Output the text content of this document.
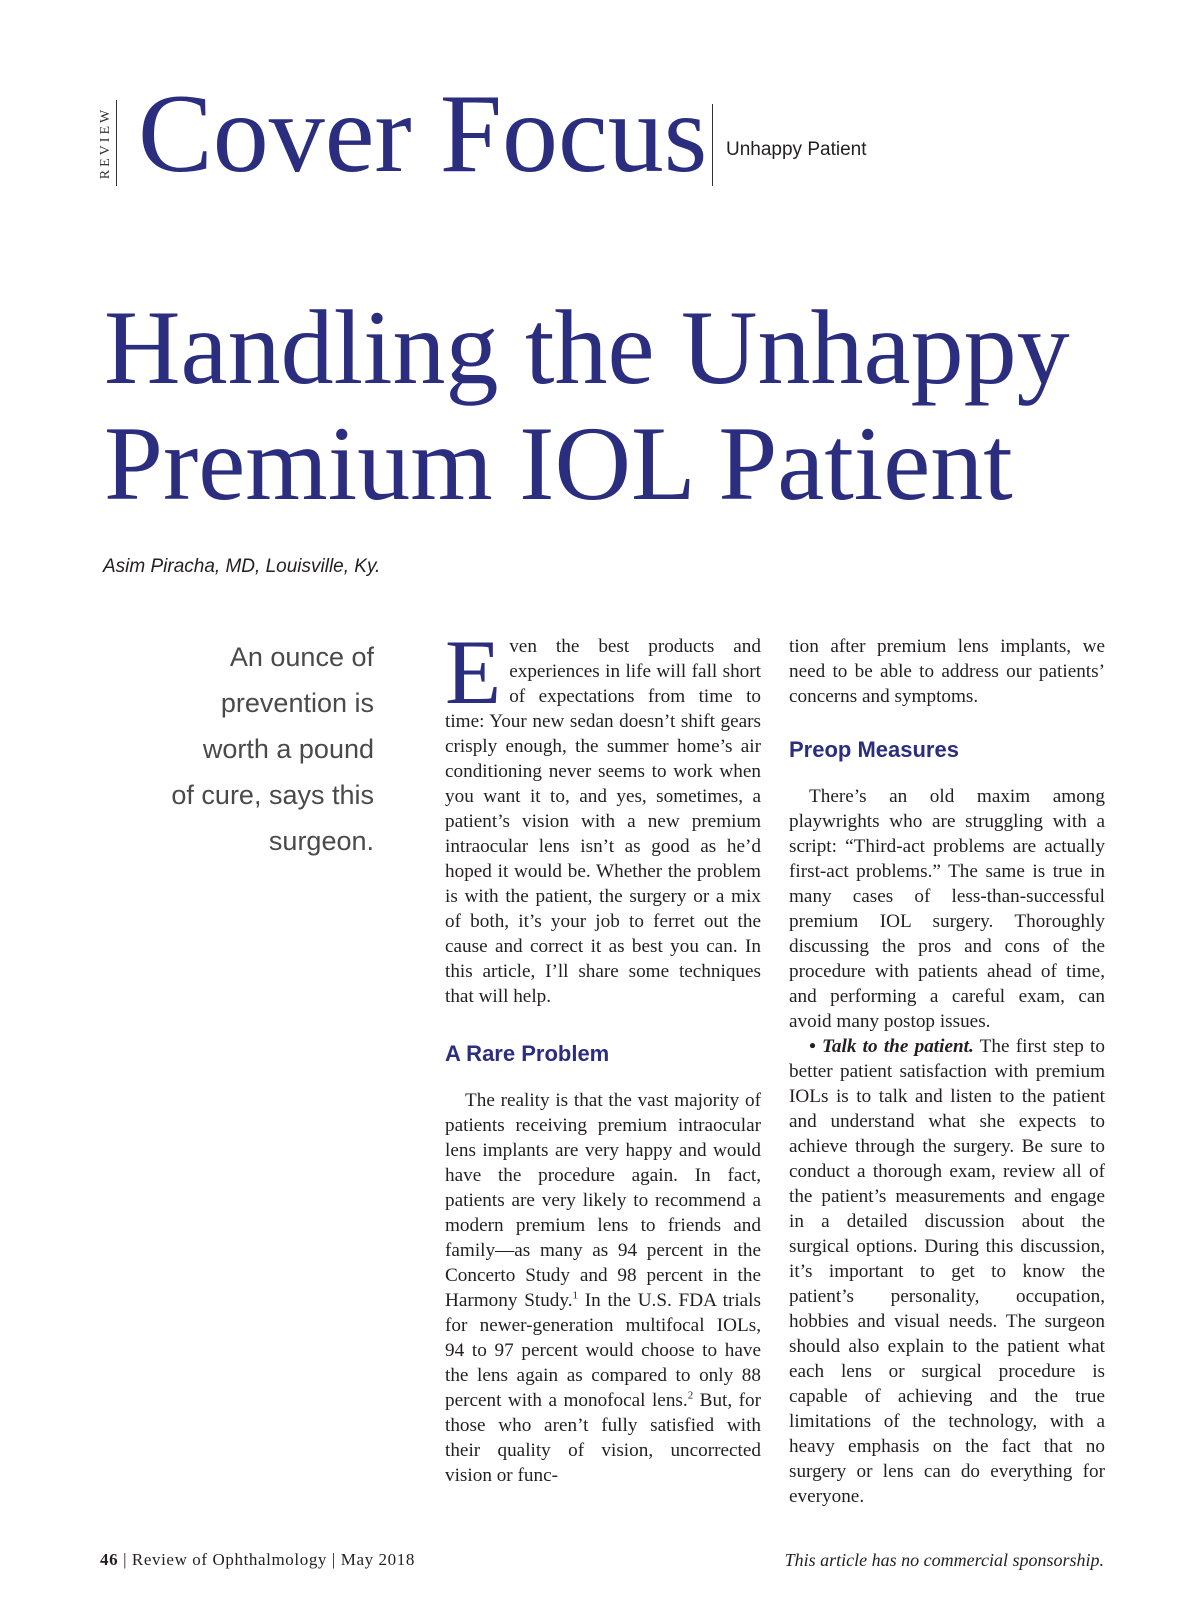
REVIEW Cover Focus Unhappy Patient
Handling the Unhappy
Premium IOL Patient
Asim Piracha, MD, Louisville, Ky.
An ounce of
prevention is
worth a pound
of cure, says this
surgeon.

Even the best products and experiences in life will fall short of expectations from time to time: Your new sedan doesn’t shift gears crisply enough, the summer home’s air conditioning never seems to work when you want it to, and yes, sometimes, a patient’s vision with a new premium intraocular lens isn’t as good as he’d hoped it would be. Whether the problem is with the patient, the surgery or a mix of both, it’s your job to ferret out the cause and correct it as best you can. In this article, I’ll share some techniques that will help.

A Rare Problem

The reality is that the vast majority of patients receiving premium intraocular lens implants are very happy and would have the procedure again. In fact, patients are very likely to recommend a modern premium lens to friends and family—as many as 94 percent in the Concerto Study and 98 percent in the Harmony Study.$^1$ In the U.S. FDA trials for newer-generation multifocal IOLs, 94 to 97 percent would choose to have the lens again as compared to only 88 percent with a monofocal lens.$^2$ But, for those who aren’t fully satisfied with their quality of vision, uncorrected vision or func-

tion after premium lens implants, we need to be able to address our patients’ concerns and symptoms.

Preop Measures

There’s an old maxim among playwrights who are struggling with a script: “Third-act problems are actually first-act problems.” The same is true in many cases of less-than-successful premium IOL surgery. Thoroughly discussing the pros and cons of the procedure with patients ahead of time, and performing a careful exam, can avoid many postop issues.

• Talk to the patient. The first step to better patient satisfaction with premium IOLs is to talk and listen to the patient and understand what she expects to achieve through the surgery. Be sure to conduct a thorough exam, review all of the patient’s measurements and engage in a detailed discussion about the surgical options. During this discussion, it’s important to get to know the patient’s personality, occupation, hobbies and visual needs. The surgeon should also explain to the patient what each lens or surgical procedure is capable of achieving and the true limitations of the technology, with a heavy emphasis on the fact that no surgery or lens can do everything for everyone.

46 | Review of Ophthalmology | May 2018	This article has no commercial sponsorship.
